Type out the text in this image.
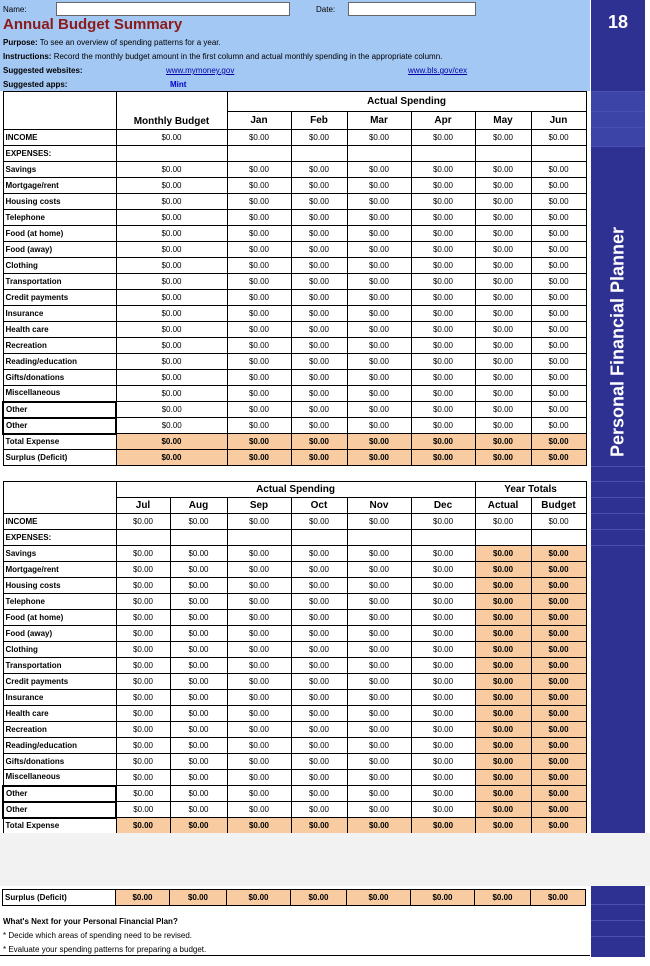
Name:	Date:
Annual Budget Summary
Purpose: To see an overview of spending patterns for a year.
Instructions: Record the monthly budget amount in the first column and actual monthly spending in the appropriate column.
Suggested websites:	www.mymoney.gov	www.bls.gov/cex
Suggested apps:	Mint
18
Personal Financial Planner
	Monthly Budget	Actual Spending					
		Jan	Feb	Mar	Apr	May	Jun
INCOME	$0.00	$0.00	$0.00	$0.00	$0.00	$0.00	$0.00
EXPENSES:							
Savings	$0.00	$0.00	$0.00	$0.00	$0.00	$0.00	$0.00
Mortgage/rent	$0.00	$0.00	$0.00	$0.00	$0.00	$0.00	$0.00
Housing costs	$0.00	$0.00	$0.00	$0.00	$0.00	$0.00	$0.00
Telephone	$0.00	$0.00	$0.00	$0.00	$0.00	$0.00	$0.00
Food (at home)	$0.00	$0.00	$0.00	$0.00	$0.00	$0.00	$0.00
Food (away)	$0.00	$0.00	$0.00	$0.00	$0.00	$0.00	$0.00
Clothing	$0.00	$0.00	$0.00	$0.00	$0.00	$0.00	$0.00
Transportation	$0.00	$0.00	$0.00	$0.00	$0.00	$0.00	$0.00
Credit payments	$0.00	$0.00	$0.00	$0.00	$0.00	$0.00	$0.00
Insurance	$0.00	$0.00	$0.00	$0.00	$0.00	$0.00	$0.00
Health care	$0.00	$0.00	$0.00	$0.00	$0.00	$0.00	$0.00
Recreation	$0.00	$0.00	$0.00	$0.00	$0.00	$0.00	$0.00
Reading/education	$0.00	$0.00	$0.00	$0.00	$0.00	$0.00	$0.00
Gifts/donations	$0.00	$0.00	$0.00	$0.00	$0.00	$0.00	$0.00
Miscellaneous	$0.00	$0.00	$0.00	$0.00	$0.00	$0.00	$0.00
Other	$0.00	$0.00	$0.00	$0.00	$0.00	$0.00	$0.00
Other	$0.00	$0.00	$0.00	$0.00	$0.00	$0.00	$0.00
Total Expense	$0.00	$0.00	$0.00	$0.00	$0.00	$0.00	$0.00
Surplus (Deficit)	$0.00	$0.00	$0.00	$0.00	$0.00	$0.00	$0.00
	Actual Spending						Year Totals	
	Jul	Aug	Sep	Oct	Nov	Dec	Actual	Budget
INCOME	$0.00	$0.00	$0.00	$0.00	$0.00	$0.00	$0.00	$0.00
EXPENSES:								
Savings	$0.00	$0.00	$0.00	$0.00	$0.00	$0.00	$0.00	$0.00
Mortgage/rent	$0.00	$0.00	$0.00	$0.00	$0.00	$0.00	$0.00	$0.00
Housing costs	$0.00	$0.00	$0.00	$0.00	$0.00	$0.00	$0.00	$0.00
Telephone	$0.00	$0.00	$0.00	$0.00	$0.00	$0.00	$0.00	$0.00
Food (at home)	$0.00	$0.00	$0.00	$0.00	$0.00	$0.00	$0.00	$0.00
Food (away)	$0.00	$0.00	$0.00	$0.00	$0.00	$0.00	$0.00	$0.00
Clothing	$0.00	$0.00	$0.00	$0.00	$0.00	$0.00	$0.00	$0.00
Transportation	$0.00	$0.00	$0.00	$0.00	$0.00	$0.00	$0.00	$0.00
Credit payments	$0.00	$0.00	$0.00	$0.00	$0.00	$0.00	$0.00	$0.00
Insurance	$0.00	$0.00	$0.00	$0.00	$0.00	$0.00	$0.00	$0.00
Health care	$0.00	$0.00	$0.00	$0.00	$0.00	$0.00	$0.00	$0.00
Recreation	$0.00	$0.00	$0.00	$0.00	$0.00	$0.00	$0.00	$0.00
Reading/education	$0.00	$0.00	$0.00	$0.00	$0.00	$0.00	$0.00	$0.00
Gifts/donations	$0.00	$0.00	$0.00	$0.00	$0.00	$0.00	$0.00	$0.00
Miscellaneous	$0.00	$0.00	$0.00	$0.00	$0.00	$0.00	$0.00	$0.00
Other	$0.00	$0.00	$0.00	$0.00	$0.00	$0.00	$0.00	$0.00
Other	$0.00	$0.00	$0.00	$0.00	$0.00	$0.00	$0.00	$0.00
Total Expense	$0.00	$0.00	$0.00	$0.00	$0.00	$0.00	$0.00	$0.00
Surplus (Deficit)	$0.00	$0.00	$0.00	$0.00	$0.00	$0.00	$0.00	$0.00
What's Next for your Personal Financial Plan?
* Decide which areas of spending need to be revised.
* Evaluate your spending patterns for preparing a budget.
